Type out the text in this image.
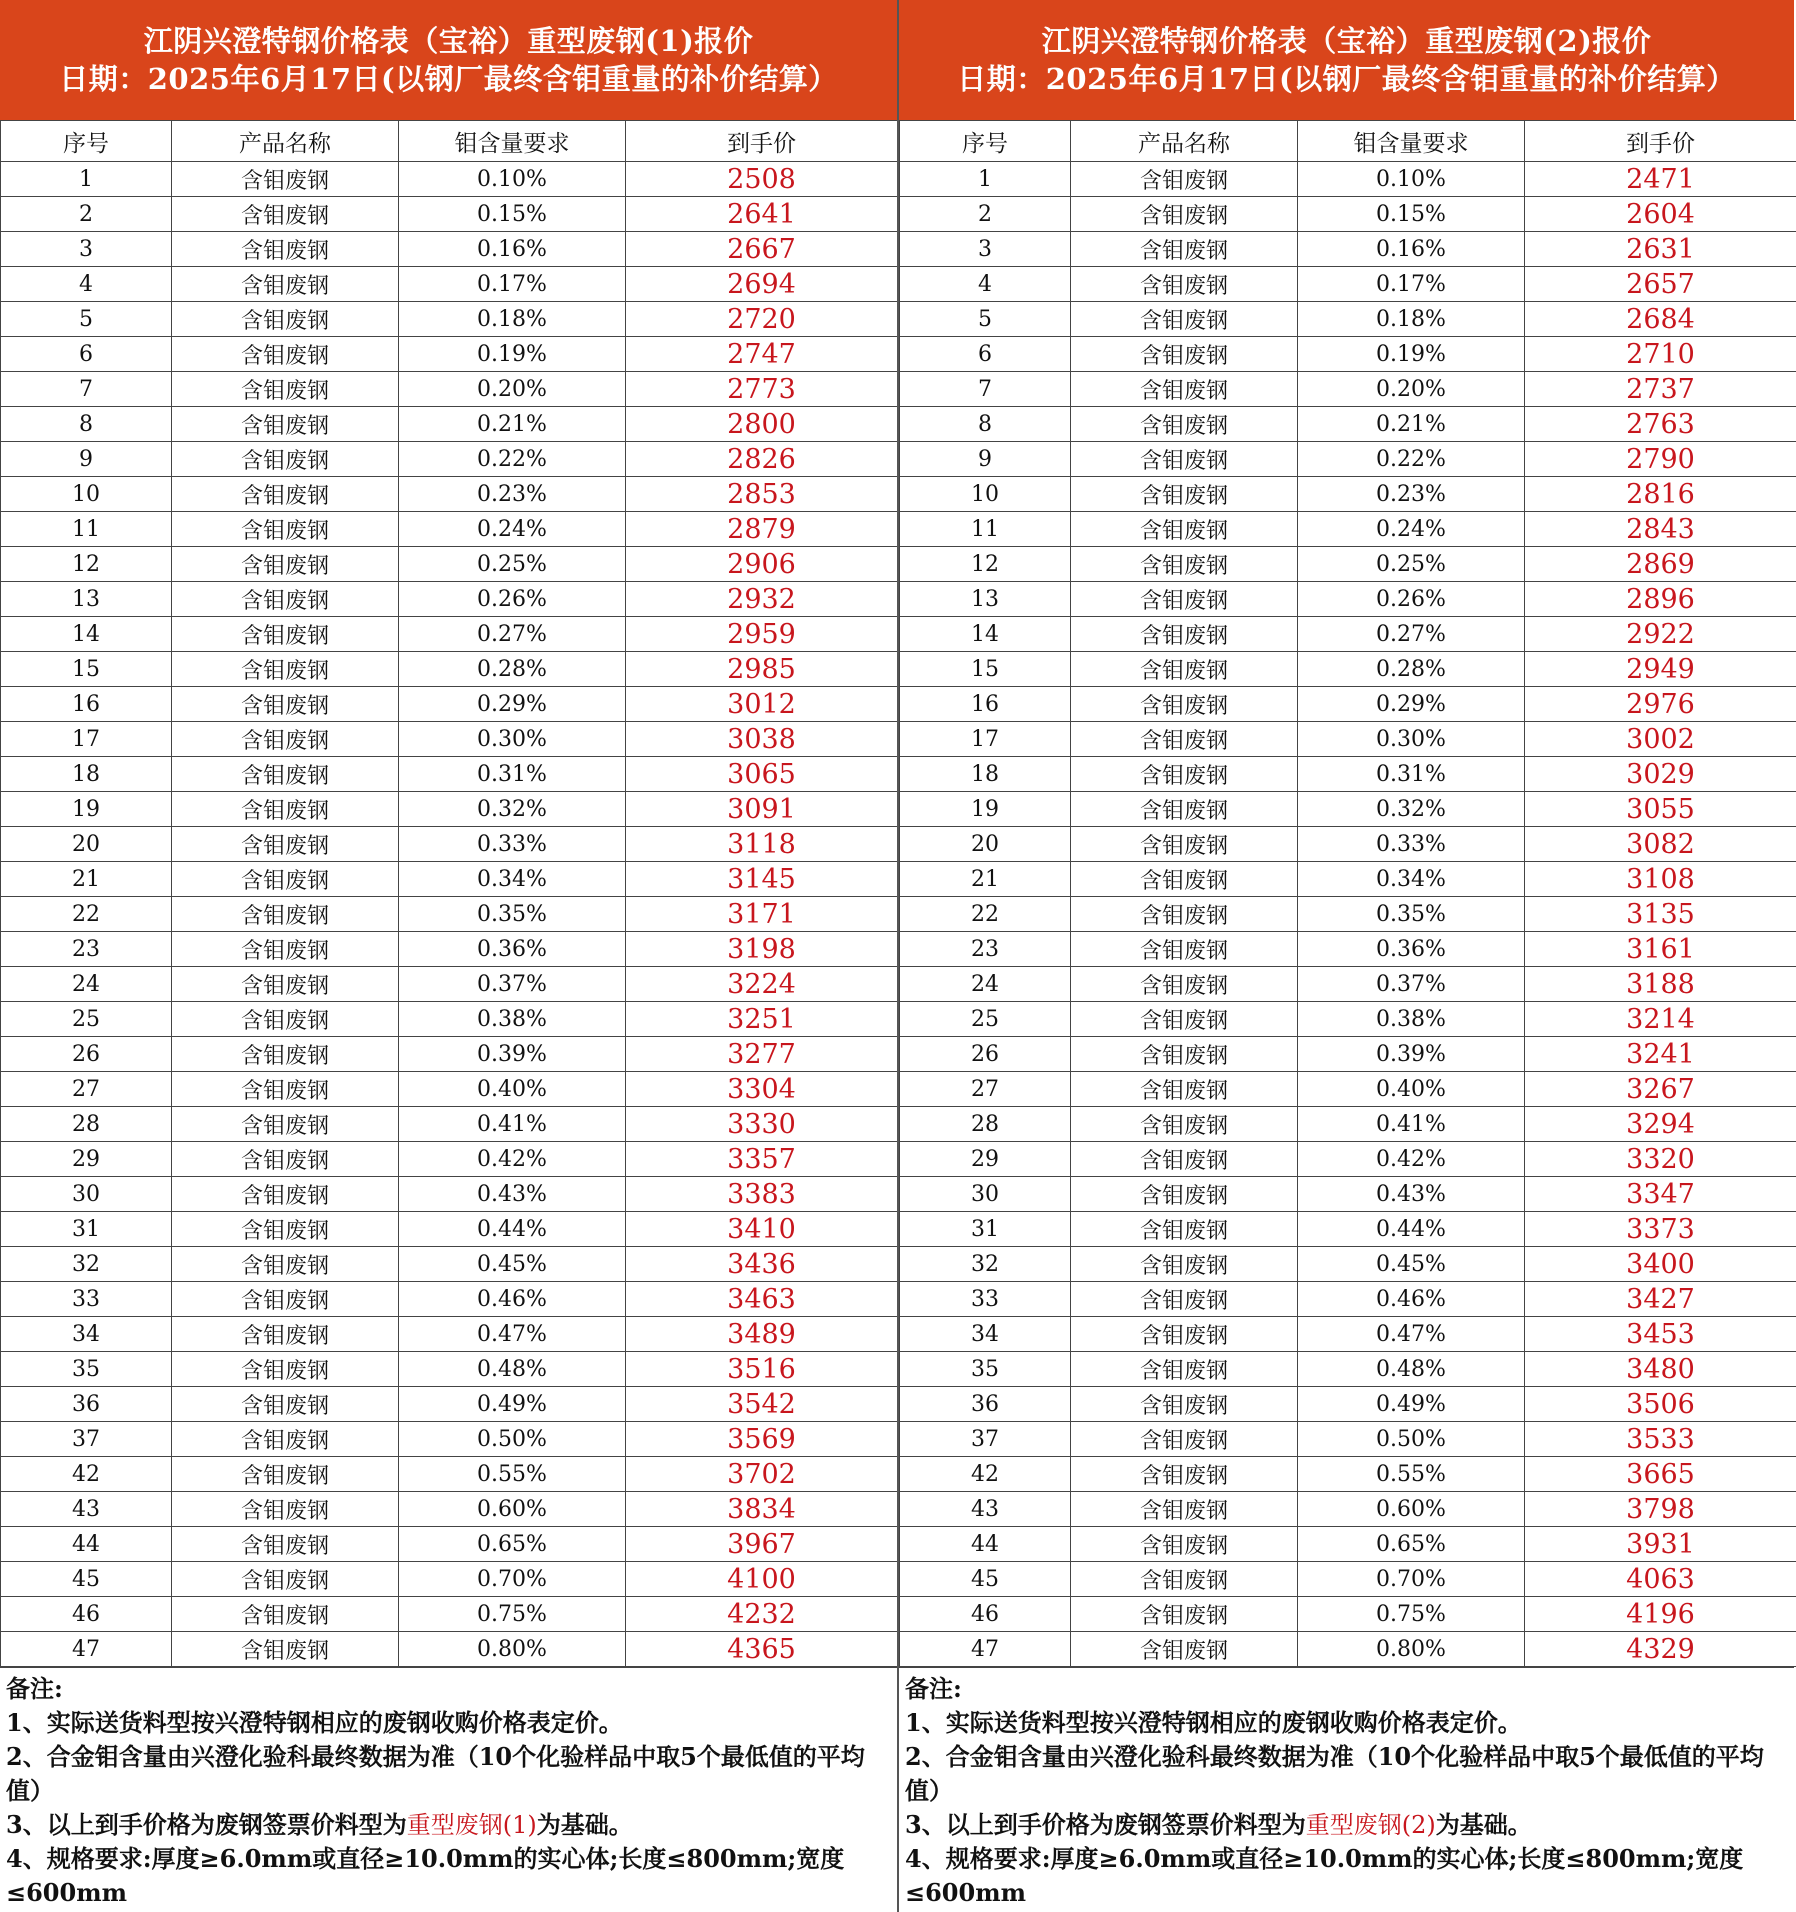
江阴兴澄特钢价格表（宝裕）重型废钢(1)报价
日期：2025年6月17日(以钢厂最终含钼重量的补价结算）
序号	产品名称	钼含量要求	到手价
1	含钼废钢	0.10%	2508
2	含钼废钢	0.15%	2641
3	含钼废钢	0.16%	2667
4	含钼废钢	0.17%	2694
5	含钼废钢	0.18%	2720
6	含钼废钢	0.19%	2747
7	含钼废钢	0.20%	2773
8	含钼废钢	0.21%	2800
9	含钼废钢	0.22%	2826
10	含钼废钢	0.23%	2853
11	含钼废钢	0.24%	2879
12	含钼废钢	0.25%	2906
13	含钼废钢	0.26%	2932
14	含钼废钢	0.27%	2959
15	含钼废钢	0.28%	2985
16	含钼废钢	0.29%	3012
17	含钼废钢	0.30%	3038
18	含钼废钢	0.31%	3065
19	含钼废钢	0.32%	3091
20	含钼废钢	0.33%	3118
21	含钼废钢	0.34%	3145
22	含钼废钢	0.35%	3171
23	含钼废钢	0.36%	3198
24	含钼废钢	0.37%	3224
25	含钼废钢	0.38%	3251
26	含钼废钢	0.39%	3277
27	含钼废钢	0.40%	3304
28	含钼废钢	0.41%	3330
29	含钼废钢	0.42%	3357
30	含钼废钢	0.43%	3383
31	含钼废钢	0.44%	3410
32	含钼废钢	0.45%	3436
33	含钼废钢	0.46%	3463
34	含钼废钢	0.47%	3489
35	含钼废钢	0.48%	3516
36	含钼废钢	0.49%	3542
37	含钼废钢	0.50%	3569
42	含钼废钢	0.55%	3702
43	含钼废钢	0.60%	3834
44	含钼废钢	0.65%	3967
45	含钼废钢	0.70%	4100
46	含钼废钢	0.75%	4232
47	含钼废钢	0.80%	4365

备注:

1、实际送货料型按兴澄特钢相应的废钢收购价格表定价。

2、合金钼含量由兴澄化验科最终数据为准（10个化验样品中取5个最低值的平均值）

3、以上到手价格为废钢签票价料型为重型废钢(1)为基础。

4、规格要求:厚度≥6.0mm或直径≥10.0mm的实心体;长度≤800mm;宽度≤600mm

江阴兴澄特钢价格表（宝裕）重型废钢(2)报价
日期：2025年6月17日(以钢厂最终含钼重量的补价结算）
序号	产品名称	钼含量要求	到手价
1	含钼废钢	0.10%	2471
2	含钼废钢	0.15%	2604
3	含钼废钢	0.16%	2631
4	含钼废钢	0.17%	2657
5	含钼废钢	0.18%	2684
6	含钼废钢	0.19%	2710
7	含钼废钢	0.20%	2737
8	含钼废钢	0.21%	2763
9	含钼废钢	0.22%	2790
10	含钼废钢	0.23%	2816
11	含钼废钢	0.24%	2843
12	含钼废钢	0.25%	2869
13	含钼废钢	0.26%	2896
14	含钼废钢	0.27%	2922
15	含钼废钢	0.28%	2949
16	含钼废钢	0.29%	2976
17	含钼废钢	0.30%	3002
18	含钼废钢	0.31%	3029
19	含钼废钢	0.32%	3055
20	含钼废钢	0.33%	3082
21	含钼废钢	0.34%	3108
22	含钼废钢	0.35%	3135
23	含钼废钢	0.36%	3161
24	含钼废钢	0.37%	3188
25	含钼废钢	0.38%	3214
26	含钼废钢	0.39%	3241
27	含钼废钢	0.40%	3267
28	含钼废钢	0.41%	3294
29	含钼废钢	0.42%	3320
30	含钼废钢	0.43%	3347
31	含钼废钢	0.44%	3373
32	含钼废钢	0.45%	3400
33	含钼废钢	0.46%	3427
34	含钼废钢	0.47%	3453
35	含钼废钢	0.48%	3480
36	含钼废钢	0.49%	3506
37	含钼废钢	0.50%	3533
42	含钼废钢	0.55%	3665
43	含钼废钢	0.60%	3798
44	含钼废钢	0.65%	3931
45	含钼废钢	0.70%	4063
46	含钼废钢	0.75%	4196
47	含钼废钢	0.80%	4329

备注:

1、实际送货料型按兴澄特钢相应的废钢收购价格表定价。

2、合金钼含量由兴澄化验科最终数据为准（10个化验样品中取5个最低值的平均值）

3、以上到手价格为废钢签票价料型为重型废钢(2)为基础。

4、规格要求:厚度≥6.0mm或直径≥10.0mm的实心体;长度≤800mm;宽度≤600mm
